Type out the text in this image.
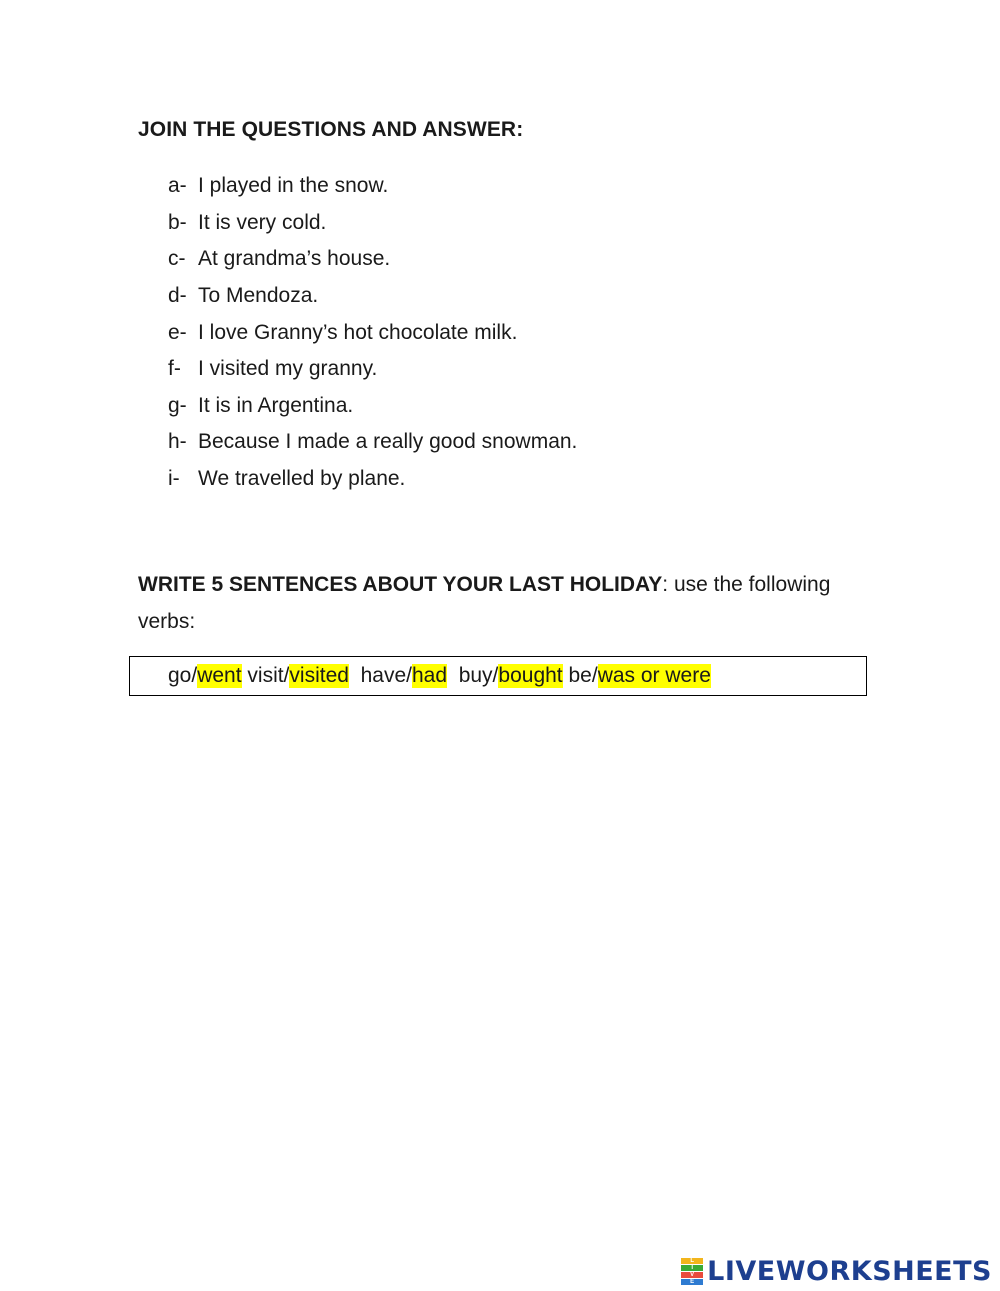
JOIN THE QUESTIONS AND ANSWER:
a- I played in the snow.
b- It is very cold.
c- At grandma’s house.
d- To Mendoza.
e- I love Granny’s hot chocolate milk.
f- I visited my granny.
g- It is in Argentina.
h- Because I made a really good snowman.
i- We travelled by plane.

WRITE 5 SENTENCES ABOUT YOUR LAST HOLIDAY: use the following verbs:

go/ went
visit/ visited
have/ had
buy/ bought
be/ was or were
L
I
V
E LIVEWORKSHEETS
